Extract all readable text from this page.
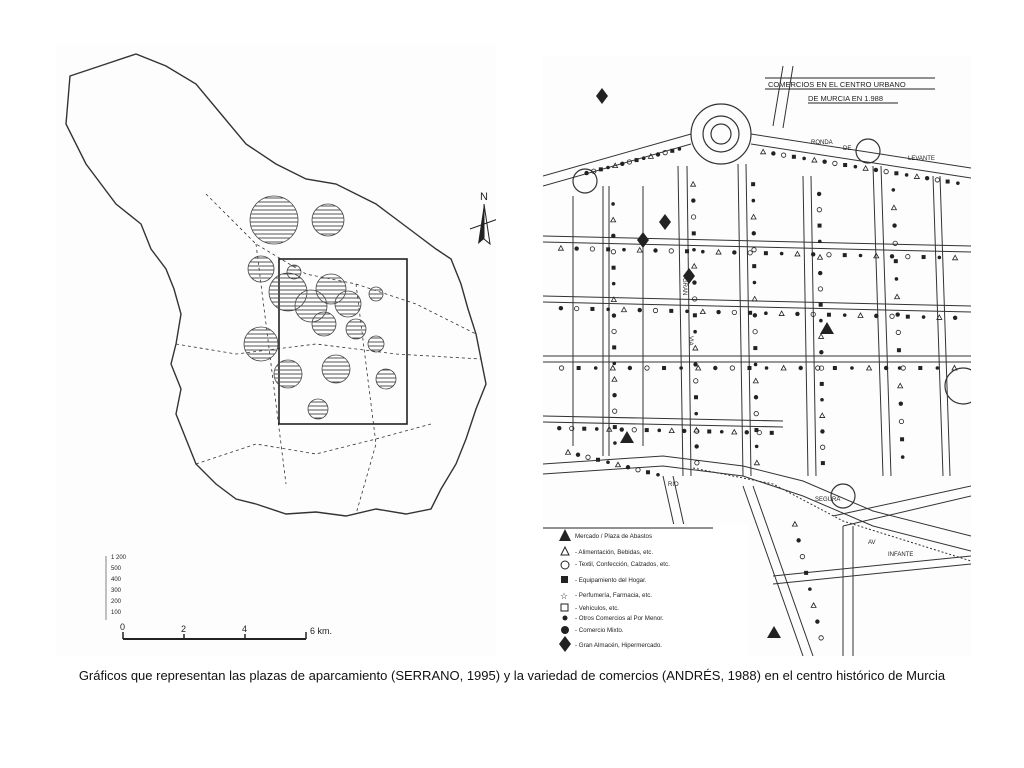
N
1 200
500
400
300
200
100
0	2	4	6 km.
COMERCIOS EN EL CENTRO URBANO
DE MURCIA EN 1.988
RONDA
DE
LEVANTE
GRAN
VIA
RIO
SEGURA
AV
INFANTE
☆
Mercado / Plaza de Abastos
- Alimentación, Bebidas, etc.
- Textil, Confección, Calzados, etc.
- Equipamiento del Hogar.
- Perfumería, Farmacia, etc.
- Vehículos, etc.
- Otros Comercios al Por Menor.
- Comercio Mixto.
- Gran Almacén, Hipermercado.
Gráficos que representan las plazas de aparcamiento (SERRANO, 1995) y la variedad de comercios (ANDRÉS, 1988) en el centro histórico de Murcia
